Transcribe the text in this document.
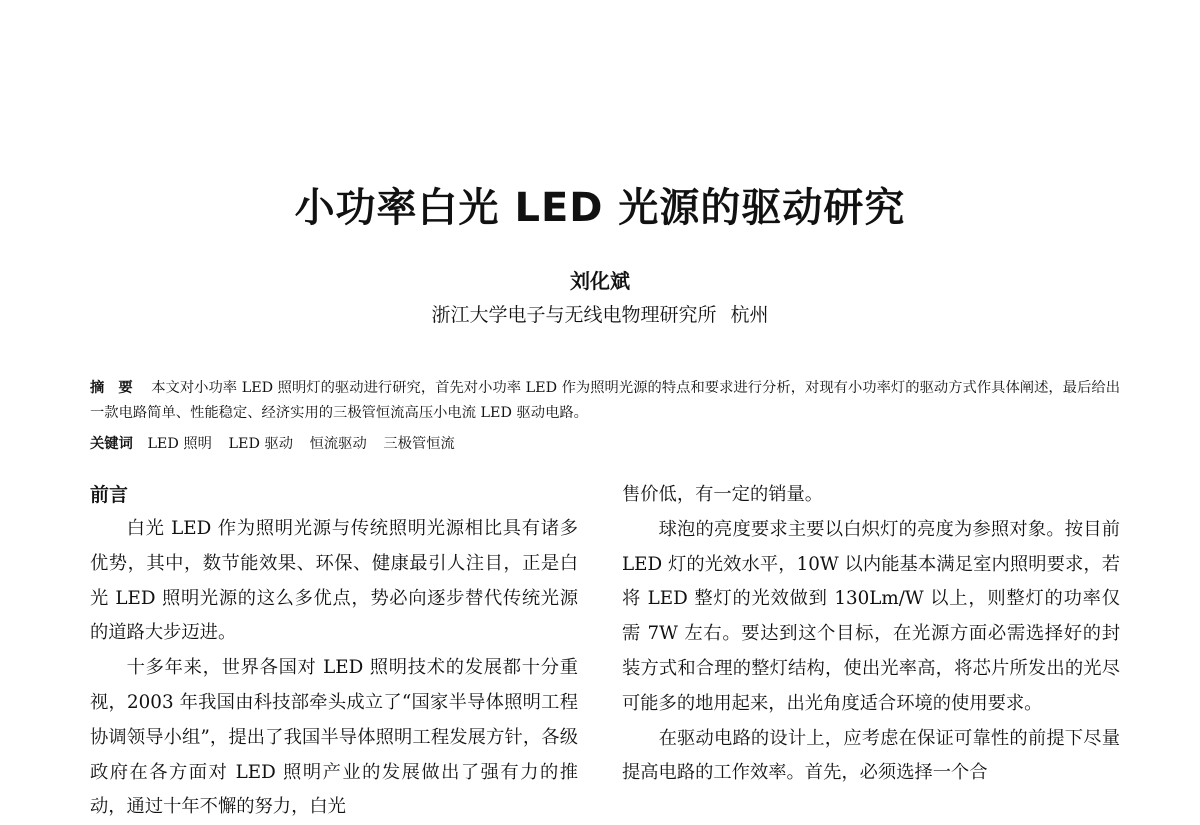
小功率白光 LED 光源的驱动研究
刘化斌
浙江大学电子与无线电物理研究所 杭州
摘要 本文对小功率 LED 照明灯的驱动进行研究，首先对小功率 LED 作为照明光源的特点和要求进行分析，对现有小功率灯的驱动方式作具体阐述，最后给出一款电路简单、性能稳定、经济实用的三极管恒流高压小电流 LED 驱动电路。
关键词 LED 照明 LED 驱动 恒流驱动 三极管恒流
前言

白光 LED 作为照明光源与传统照明光源相比具有诸多优势，其中，数节能效果、环保、健康最引人注目，正是白光 LED 照明光源的这么多优点，势必向逐步替代传统光源的道路大步迈进。

十多年来，世界各国对 LED 照明技术的发展都十分重视，2003 年我国由科技部牵头成立了“国家半导体照明工程协调领导小组”，提出了我国半导体照明工程发展方针，各级政府在各方面对 LED 照明产业的发展做出了强有力的推动，通过十年不懈的努力，白光

售价低，有一定的销量。

球泡的亮度要求主要以白炽灯的亮度为参照对象。按目前 LED 灯的光效水平，10W 以内能基本满足室内照明要求，若将 LED 整灯的光效做到 130Lm/W 以上，则整灯的功率仅需 7W 左右。要达到这个目标，在光源方面必需选择好的封装方式和合理的整灯结构，使出光率高，将芯片所发出的光尽可能多的地用起来，出光角度适合环境的使用要求。

在驱动电路的设计上，应考虑在保证可靠性的前提下尽量提高电路的工作效率。首先，必须选择一个合
